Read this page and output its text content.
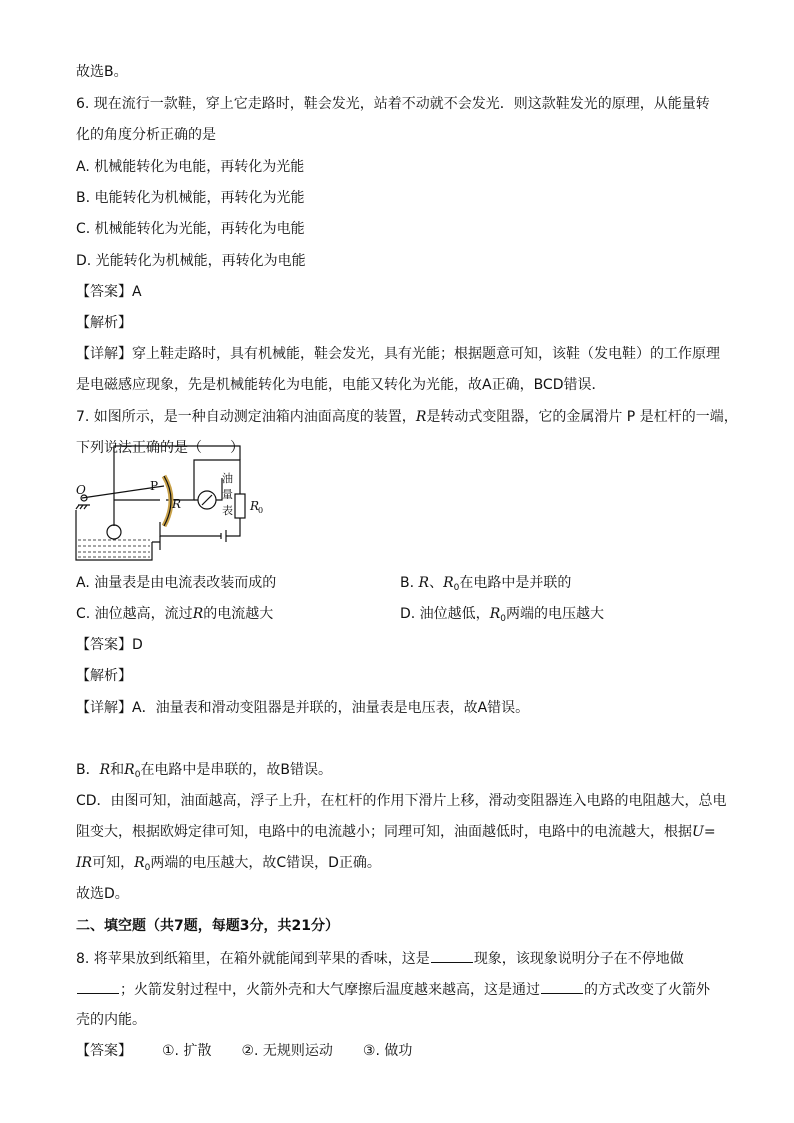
故选B。
6. 现在流行一款鞋，穿上它走路时，鞋会发光，站着不动就不会发光．则这款鞋发光的原理，从能量转
化的角度分析正确的是
A. 机械能转化为电能，再转化为光能
B. 电能转化为机械能，再转化为光能
C. 机械能转化为光能，再转化为电能
D. 光能转化为机械能，再转化为电能
【答案】A
【解析】
【详解】穿上鞋走路时，具有机械能，鞋会发光，具有光能；根据题意可知，该鞋（发电鞋）的工作原理
是电磁感应现象，先是机械能转化为电能，电能又转化为光能，故A正确，BCD错误．
7. 如图所示，是一种自动测定油箱内油面高度的装置，R是转动式变阻器，它的金属滑片 P 是杠杆的一端，
下列说法正确的是（　　）
O	P
R	R
0
油
量
表
A. 油量表是由电流表改装而成的	B. R、$R_0$在电路中是并联的
C. 油位越高，流过R的电流越大	D. 油位越低，$R_0$两端的电压越大
【答案】D
【解析】
【详解】A．油量表和滑动变阻器是并联的，油量表是电压表，故A错误。
B．R和$R_0$在电路中是串联的，故B错误。
CD．由图可知，油面越高，浮子上升，在杠杆的作用下滑片上移，滑动变阻器连入电路的电阻越大，总电
阻变大，根据欧姆定律可知，电路中的电流越小；同理可知，油面越低时，电路中的电流越大，根据U=
IR可知，$R_0$两端的电压越大，故C错误，D正确。
故选D。
二、填空题（共7题，每题3分，共21分）
8. 将苹果放到纸箱里，在箱外就能闻到苹果的香味，这是	现象，该现象说明分子在不停地做
；火箭发射过程中，火箭外壳和大气摩擦后温度越来越高，这是通过	的方式改变了火箭外
壳的内能。
【答案】 ①. 扩散 ②. 无规则运动 ③. 做功
